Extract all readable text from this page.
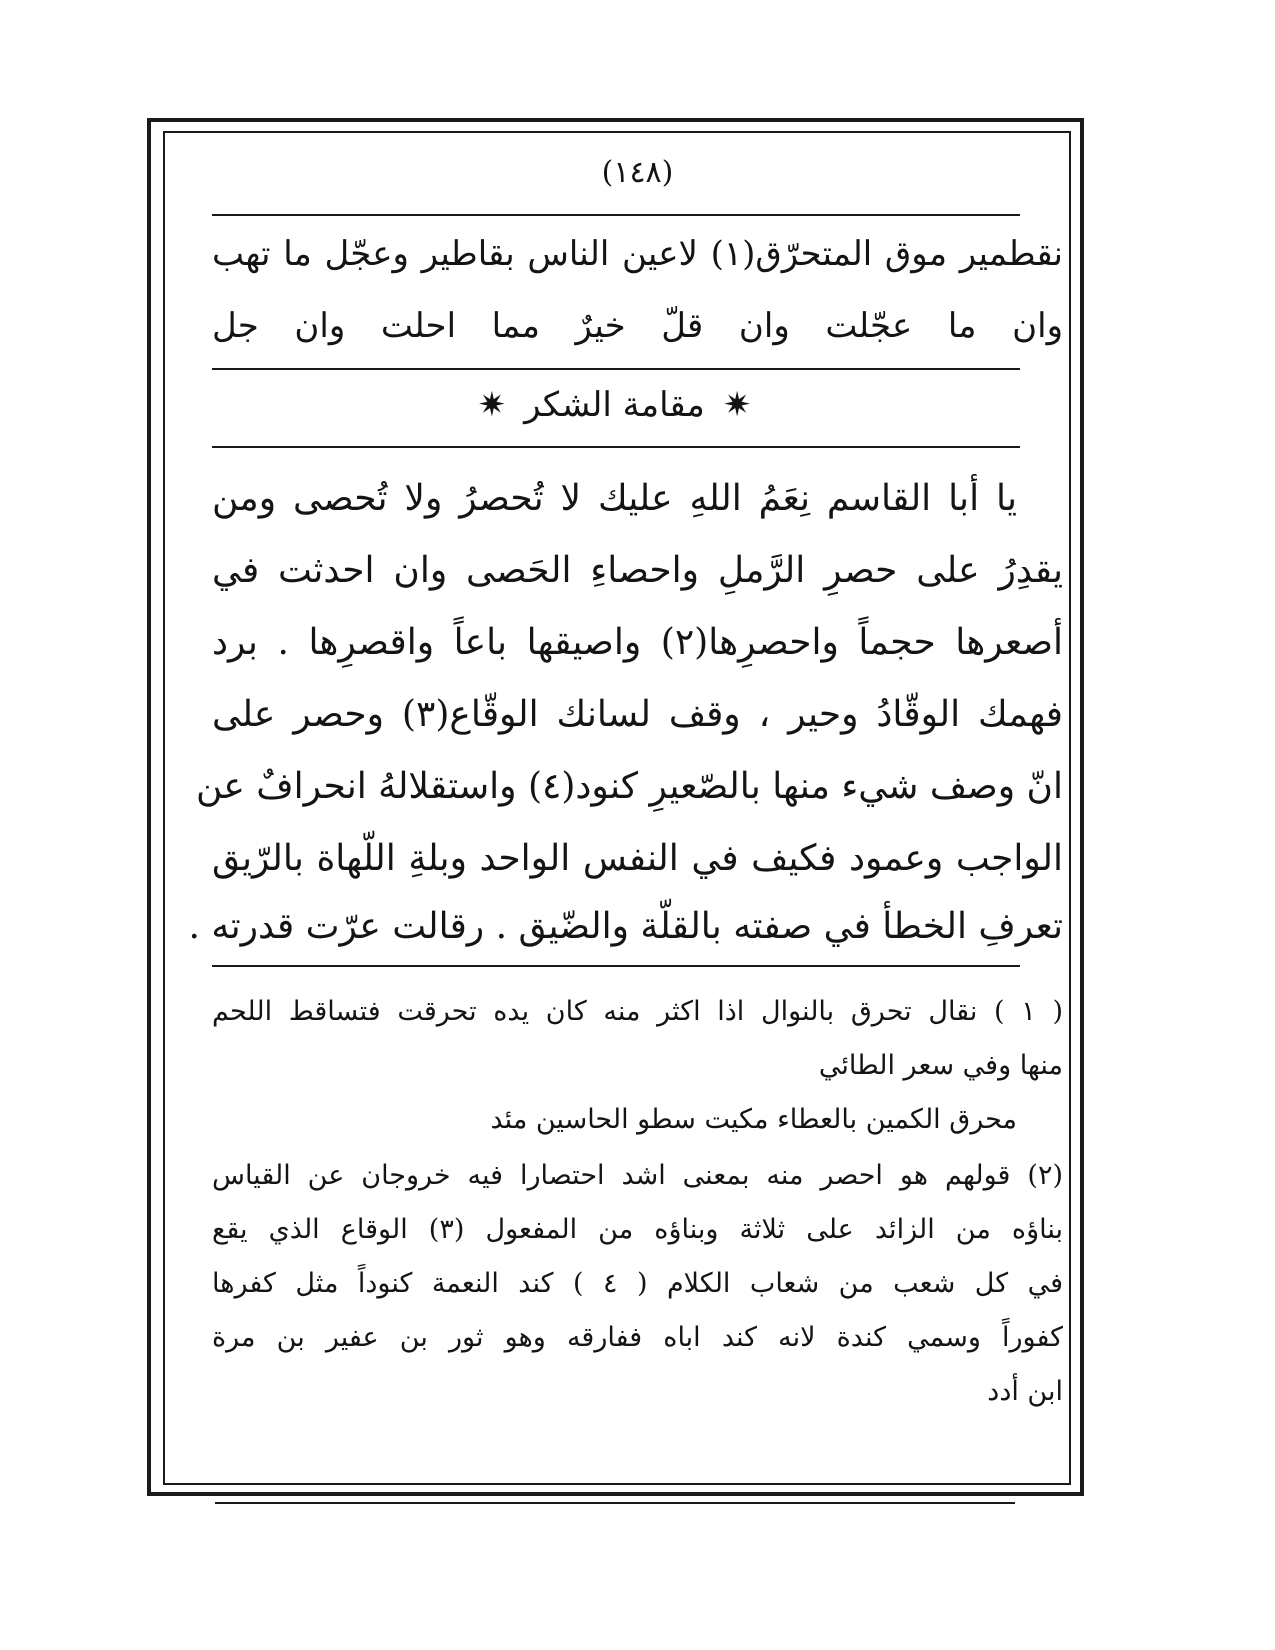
(١٤٨)
نقطمير موق المتحرّق(١) لاعين الناس بقاطير وعجّل ما تهب
وان ما عجّلت وان قلّ خيرٌ مما احلت وان جل
✷
مقامة الشكر
✷
يا أبا القاسم نِعَمُ اللهِ عليك لا تُحصرُ ولا تُحصى ومن
يقدِرُ على حصرِ الرَّملِ واحصاءِ الحَصى وان احدثت في
أصعرها حجماً واحصرِها(٢) واصيقها باعاً واقصرِها . برد
فهمك الوقّادُ وحير ، وقف لسانك الوقّاع(٣) وحصر على
انّ وصف شيء منها بالصّعيرِ كنود(٤) واستقلالهُ انحرافٌ عن
الواجب وعمود فكيف في النفس الواحد وبلةِ اللّهاة بالرّيق
تعرفِ الخطأ في صفته بالقلّة والضّيق . رقالت عرّت قدرته .
( ١ ) نقال تحرق بالنوال اذا اكثر منه كان يده تحرقت فتساقط اللحم
منها وفي سعر الطائي
محرق الكمين بالعطاء مكيت سطو الحاسين مئد
(٢) قولهم هو احصر منه بمعنى اشد احتصارا فيه خروجان عن القياس
بناؤه من الزائد على ثلاثة وبناؤه من المفعول (٣) الوقاع الذي يقع
في كل شعب من شعاب الكلام ( ٤ ) كند النعمة كنوداً مثل كفرها
كفوراً وسمي كندة لانه كند اباه ففارقه وهو ثور بن عفير بن مرة
ابن أدد
